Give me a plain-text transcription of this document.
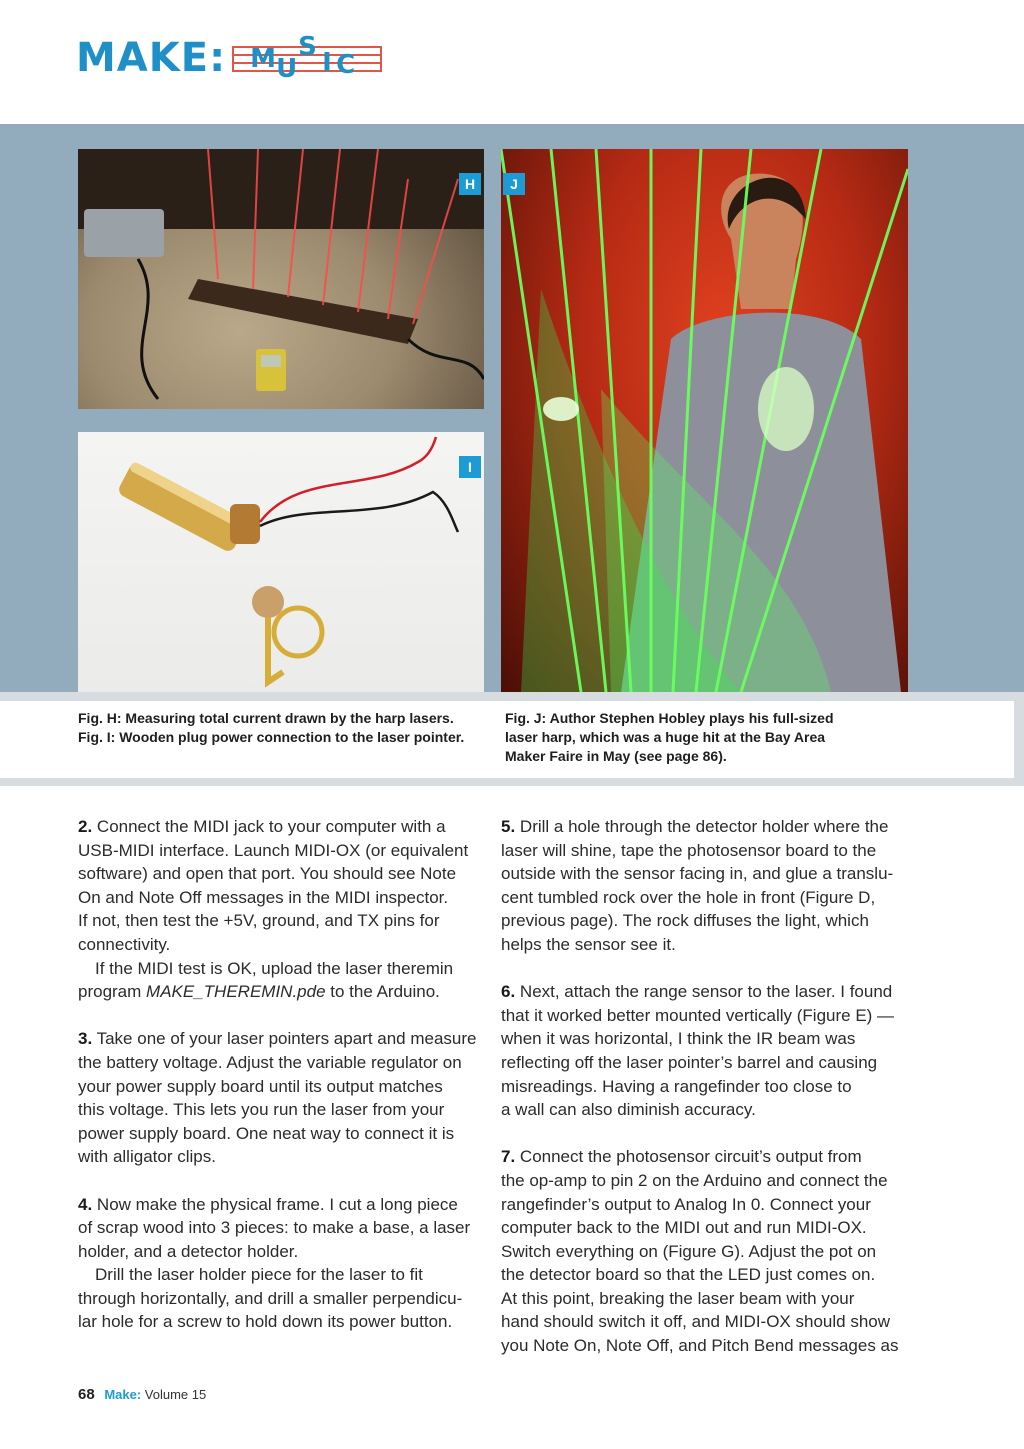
MAKE: M U
S
I C
H
I
J
Fig. H: Measuring total current drawn by the harp lasers.
Fig. I: Wooden plug power connection to the laser pointer.
Fig. J: Author Stephen Hobley plays his full-sized
laser harp, which was a huge hit at the Bay Area
Maker Faire in May (see page 86).
2. Connect the MIDI jack to your computer with a
USB-MIDI interface. Launch MIDI-OX (or equivalent
software) and open that port. You should see Note
On and Note Off messages in the MIDI inspector.
If not, then test the +5V, ground, and TX pins for
connectivity.
If the MIDI test is OK, upload the laser theremin
program MAKE_THEREMIN.pde to the Arduino.
3. Take one of your laser pointers apart and measure
the battery voltage. Adjust the variable regulator on
your power supply board until its output matches
this voltage. This lets you run the laser from your
power supply board. One neat way to connect it is
with alligator clips.
4. Now make the physical frame. I cut a long piece
of scrap wood into 3 pieces: to make a base, a laser
holder, and a detector holder.
Drill the laser holder piece for the laser to fit
through horizontally, and drill a smaller perpendicu-
lar hole for a screw to hold down its power button.
5. Drill a hole through the detector holder where the
laser will shine, tape the photosensor board to the
outside with the sensor facing in, and glue a translu-
cent tumbled rock over the hole in front (Figure D,
previous page). The rock diffuses the light, which
helps the sensor see it.
6. Next, attach the range sensor to the laser. I found
that it worked better mounted vertically (Figure E) —
when it was horizontal, I think the IR beam was
reflecting off the laser pointer’s barrel and causing
misreadings. Having a rangefinder too close to
a wall can also diminish accuracy.
7. Connect the photosensor circuit’s output from
the op-amp to pin 2 on the Arduino and connect the
rangefinder’s output to Analog In 0. Connect your
computer back to the MIDI out and run MIDI-OX.
Switch everything on (Figure G). Adjust the pot on
the detector board so that the LED just comes on.
At this point, breaking the laser beam with your
hand should switch it off, and MIDI-OX should show
you Note On, Note Off, and Pitch Bend messages as
68 Make: Volume 15
